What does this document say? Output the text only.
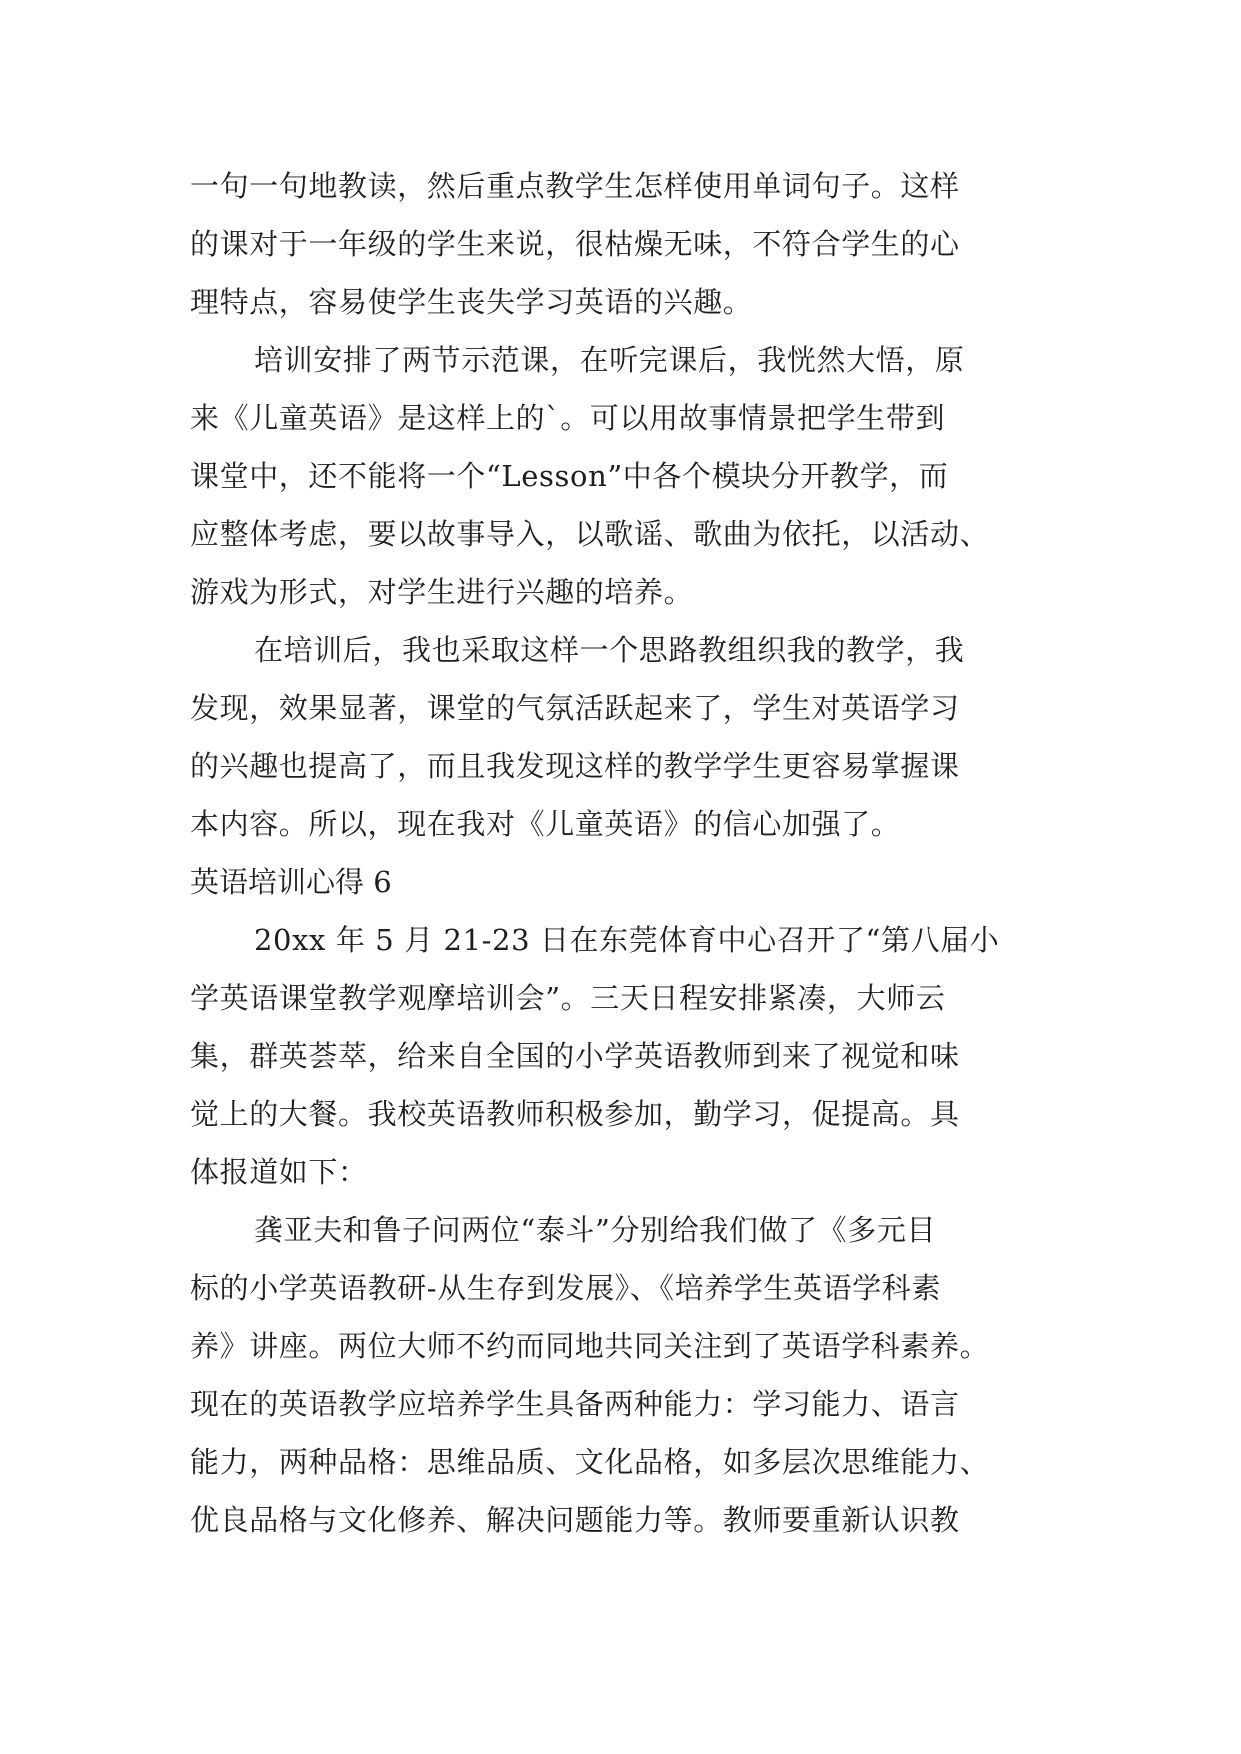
一句一句地教读，然后重点教学生怎样使用单词句子。这样
的课对于一年级的学生来说，很枯燥无味，不符合学生的心
理特点，容易使学生丧失学习英语的兴趣。
培训安排了两节示范课，在听完课后，我恍然大悟，原
来《儿童英语》是这样上的`。可以用故事情景把学生带到
课堂中，还不能将一个“Lesson”中各个模块分开教学，而
应整体考虑，要以故事导入，以歌谣、歌曲为依托，以活动、
游戏为形式，对学生进行兴趣的培养。
在培训后，我也采取这样一个思路教组织我的教学，我
发现，效果显著，课堂的气氛活跃起来了，学生对英语学习
的兴趣也提高了，而且我发现这样的教学学生更容易掌握课
本内容。所以，现在我对《儿童英语》的信心加强了。
英语培训心得 6
20xx 年 5 月 21-23 日在东莞体育中心召开了“第八届小
学英语课堂教学观摩培训会”。三天日程安排紧凑，大师云
集，群英荟萃，给来自全国的小学英语教师到来了视觉和味
觉上的大餐。我校英语教师积极参加，勤学习，促提高。具
体报道如下：
龚亚夫和鲁子问两位“泰斗”分别给我们做了《多元目
标的小学英语教研-从生存到发展》、《培养学生英语学科素
养》讲座。两位大师不约而同地共同关注到了英语学科素养。
现在的英语教学应培养学生具备两种能力：学习能力、语言
能力，两种品格：思维品质、文化品格，如多层次思维能力、
优良品格与文化修养、解决问题能力等。教师要重新认识教
